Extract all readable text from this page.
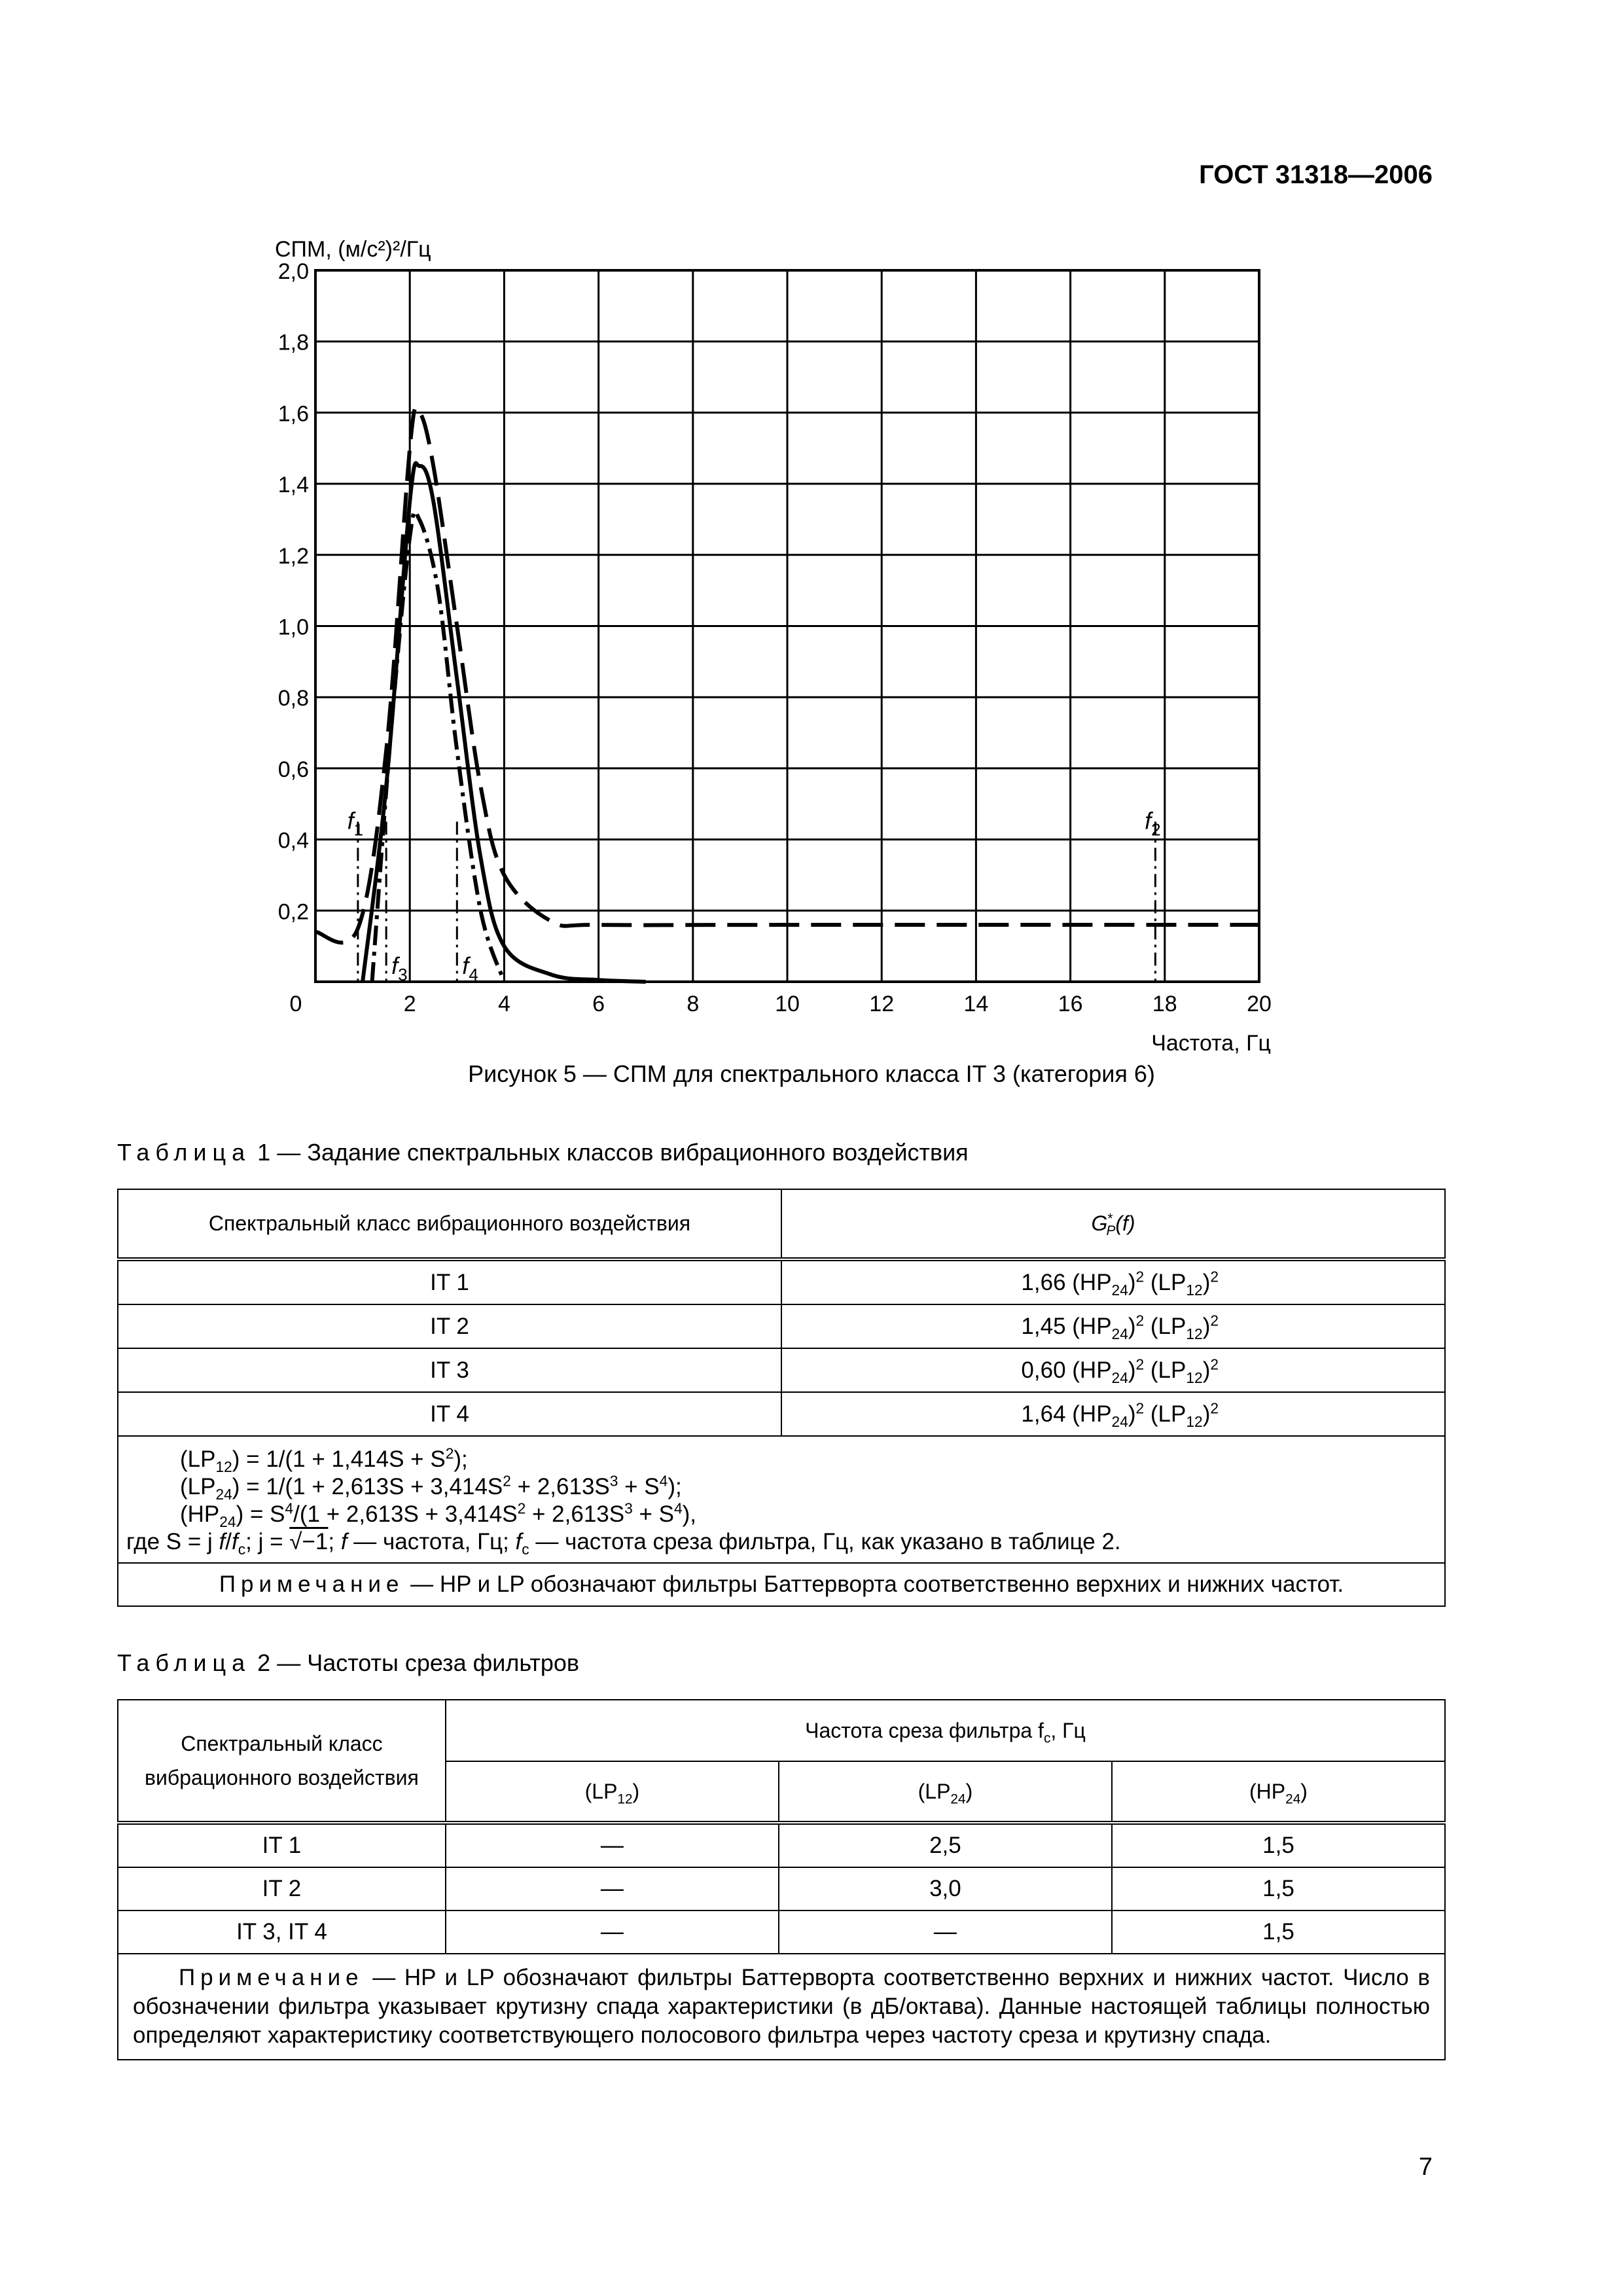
ГОСТ 31318—2006
2,0
1,8
1,6
1,4
1,2
1,0
0,8
0,6
0,4
0,2
0	2	4	6	8	10	12	14	16	18	20
СПМ, (м/с²)²/Гц
Частота, Гц
$f_1$
$f_3$ $f_4$
$f_2$
Рисунок 5 — СПМ для спектрального класса IT 3 (категория 6)
Таблица 1 — Задание спектральных классов вибрационного воздействия
Спектральный класс вибрационного воздействия	$G^*_P(f)$
IT 1	1,66 $(HP_{24})^2$ $(LP_{12})^2$
IT 2	1,45 $(HP_{24})^2$ $(LP_{12})^2$
IT 3	0,60 $(HP_{24})^2$ $(LP_{12})^2$
IT 4	1,64 $(HP_{24})^2$ $(LP_{12})^2$

$(LP_{12}) = 1/(1 + 1,414S + S^2)$;
$(LP_{24}) = 1/(1 + 2,613S + 3,414S^2 + 2,613S^3 + S^4)$;
$(HP_{24}) = S^4/(1 + 2,613S + 3,414S^2 + 2,613S^3 + S^4)$,
где S = j $f/f_c$; j = √−1; f — частота, Гц; $f_c$ — частота среза фильтра, Гц, как указано в таблице 2.	

Примечание — HP и LP обозначают фильтры Баттерворта соответственно верхних и нижних частот.	
Таблица 2 — Частоты среза фильтров
Спектральный класс
вибрационного воздействия	Частота среза фильтра $f_c$, Гц		
	$(LP_{12})$	$(LP_{24})$	$(HP_{24})$
IT 1	—	2,5	1,5
IT 2	—	3,0	1,5
IT 3, IT 4	—	—	1,5
Примечание — HP и LP обозначают фильтры Баттерворта соответственно верхних и нижних частот. Число в обозначении фильтра указывает крутизну спада характеристики (в дБ/октава). Данные настоящей таблицы полностью определяют характеристику соответствующего полосового фильтра через частоту среза и крутизну спада.			
7
